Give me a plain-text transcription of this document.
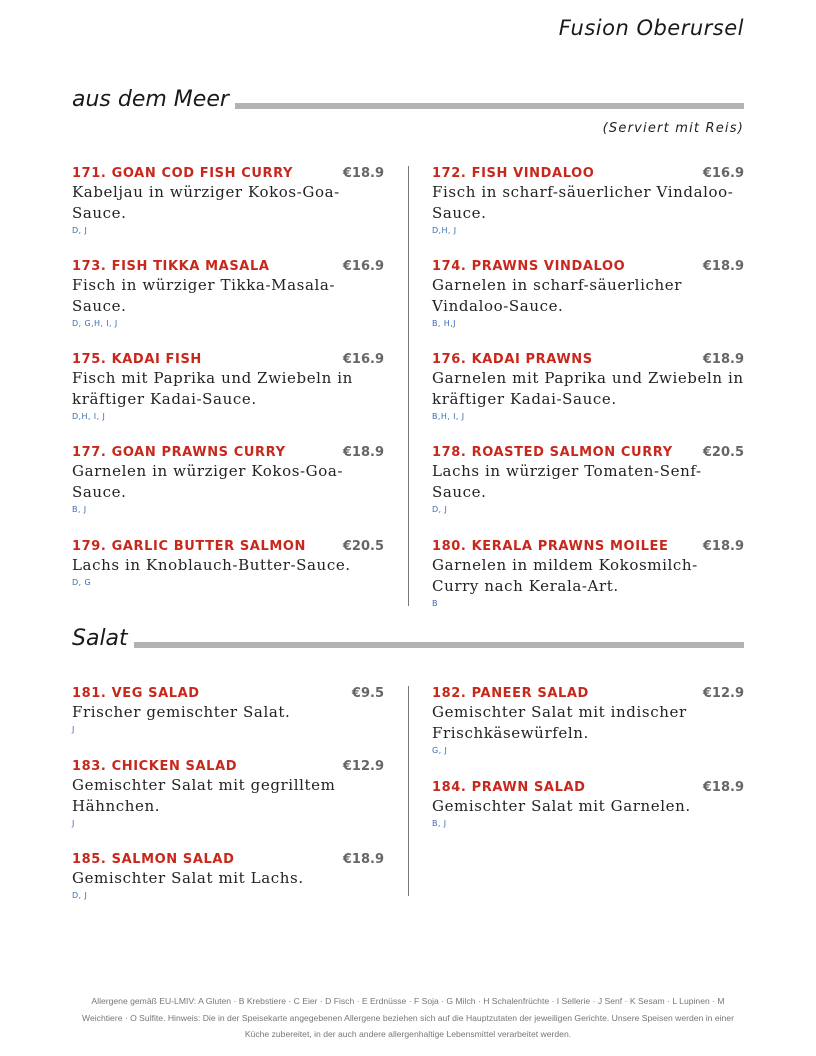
Fusion Oberursel
aus dem Meer
(Serviert mit Reis)
171. GOAN COD FISH CURRY	€18.9
Kabeljau in würziger Kokos-Goa-Sauce.
D, J
173. FISH TIKKA MASALA	€16.9
Fisch in würziger Tikka-Masala-Sauce.
D, G,H, I, J
175. KADAI FISH	€16.9
Fisch mit Paprika und Zwiebeln in kräftiger Kadai-Sauce.
D,H, I, J
177. GOAN PRAWNS CURRY	€18.9
Garnelen in würziger Kokos-Goa-Sauce.
B, J
179. GARLIC BUTTER SALMON	€20.5
Lachs in Knoblauch-Butter-Sauce.
D, G
172. FISH VINDALOO	€16.9
Fisch in scharf-säuerlicher Vindaloo-Sauce.
D,H, J
174. PRAWNS VINDALOO	€18.9
Garnelen in scharf-säuerlicher Vindaloo-Sauce.
B, H,J
176. KADAI PRAWNS	€18.9
Garnelen mit Paprika und Zwiebeln in kräftiger Kadai-Sauce.
B,H, I, J
178. ROASTED SALMON CURRY €20.5
Lachs in würziger Tomaten-Senf-Sauce.
D, J
180. KERALA PRAWNS MOILEE	€18.9
Garnelen in mildem Kokosmilch-Curry nach Kerala-Art.
B
Salat
181. VEG SALAD	€9.5
Frischer gemischter Salat.
J
183. CHICKEN SALAD	€12.9
Gemischter Salat mit gegrilltem Hähnchen.
J
185. SALMON SALAD	€18.9
Gemischter Salat mit Lachs.
D, J
182. PANEER SALAD	€12.9
Gemischter Salat mit indischer Frischkäsewürfeln.
G, J
184. PRAWN SALAD	€18.9
Gemischter Salat mit Garnelen.
B, J
Allergene gemäß EU-LMIV: A Gluten · B Krebstiere · C Eier · D Fisch · E Erdnüsse · F Soja · G Milch · H Schalenfrüchte · I Sellerie · J Senf · K Sesam · L Lupinen · M Weichtiere · O Sulfite. Hinweis: Die in der Speisekarte angegebenen Allergene beziehen sich auf die Hauptzutaten der jeweiligen Gerichte. Unsere Speisen werden in einer Küche zubereitet, in der auch andere allergenhaltige Lebensmittel verarbeitet werden.
